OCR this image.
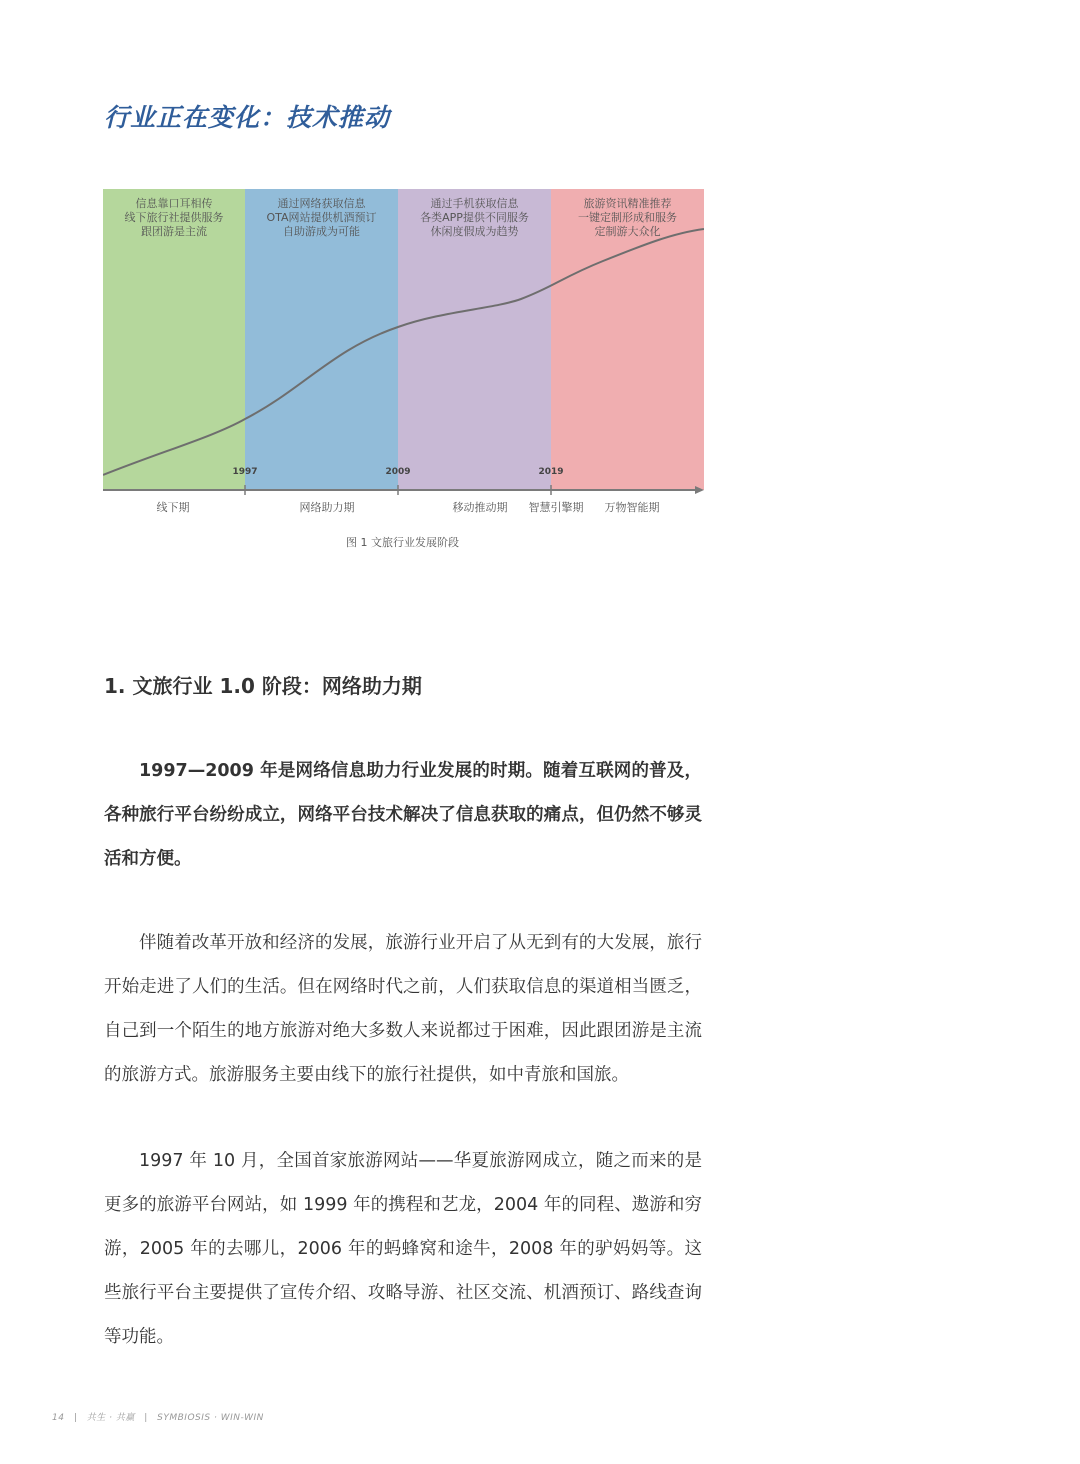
行业正在变化：技术推动
信息靠口耳相传
线下旅行社提供服务
跟团游是主流
通过网络获取信息
OTA网站提供机酒预订
自助游成为可能
通过手机获取信息
各类APP提供不同服务
休闲度假成为趋势
旅游资讯精准推荐
一键定制形成和服务
定制游大众化
1997	2009	2019
线下期	网络助力期	移动推动期 智慧引擎期 万物智能期
图 1 文旅行业发展阶段
1. 文旅行业 1.0 阶段：网络助力期

1997—2009 年是网络信息助力行业发展的时期。随着互联网的普及，各种旅行平台纷纷成立，网络平台技术解决了信息获取的痛点，但仍然不够灵活和方便。

伴随着改革开放和经济的发展，旅游行业开启了从无到有的大发展，旅行开始走进了人们的生活。但在网络时代之前，人们获取信息的渠道相当匮乏，自己到一个陌生的地方旅游对绝大多数人来说都过于困难，因此跟团游是主流的旅游方式。旅游服务主要由线下的旅行社提供，如中青旅和国旅。

1997 年 10 月，全国首家旅游网站——华夏旅游网成立，随之而来的是更多的旅游平台网站，如 1999 年的携程和艺龙，2004 年的同程、遨游和穷游，2005 年的去哪儿，2006 年的蚂蜂窝和途牛，2008 年的驴妈妈等。这些旅行平台主要提供了宣传介绍、攻略导游、社区交流、机酒预订、路线查询等功能。

14 | 共生 · 共赢 | SYMBIOSIS · WIN-WIN
